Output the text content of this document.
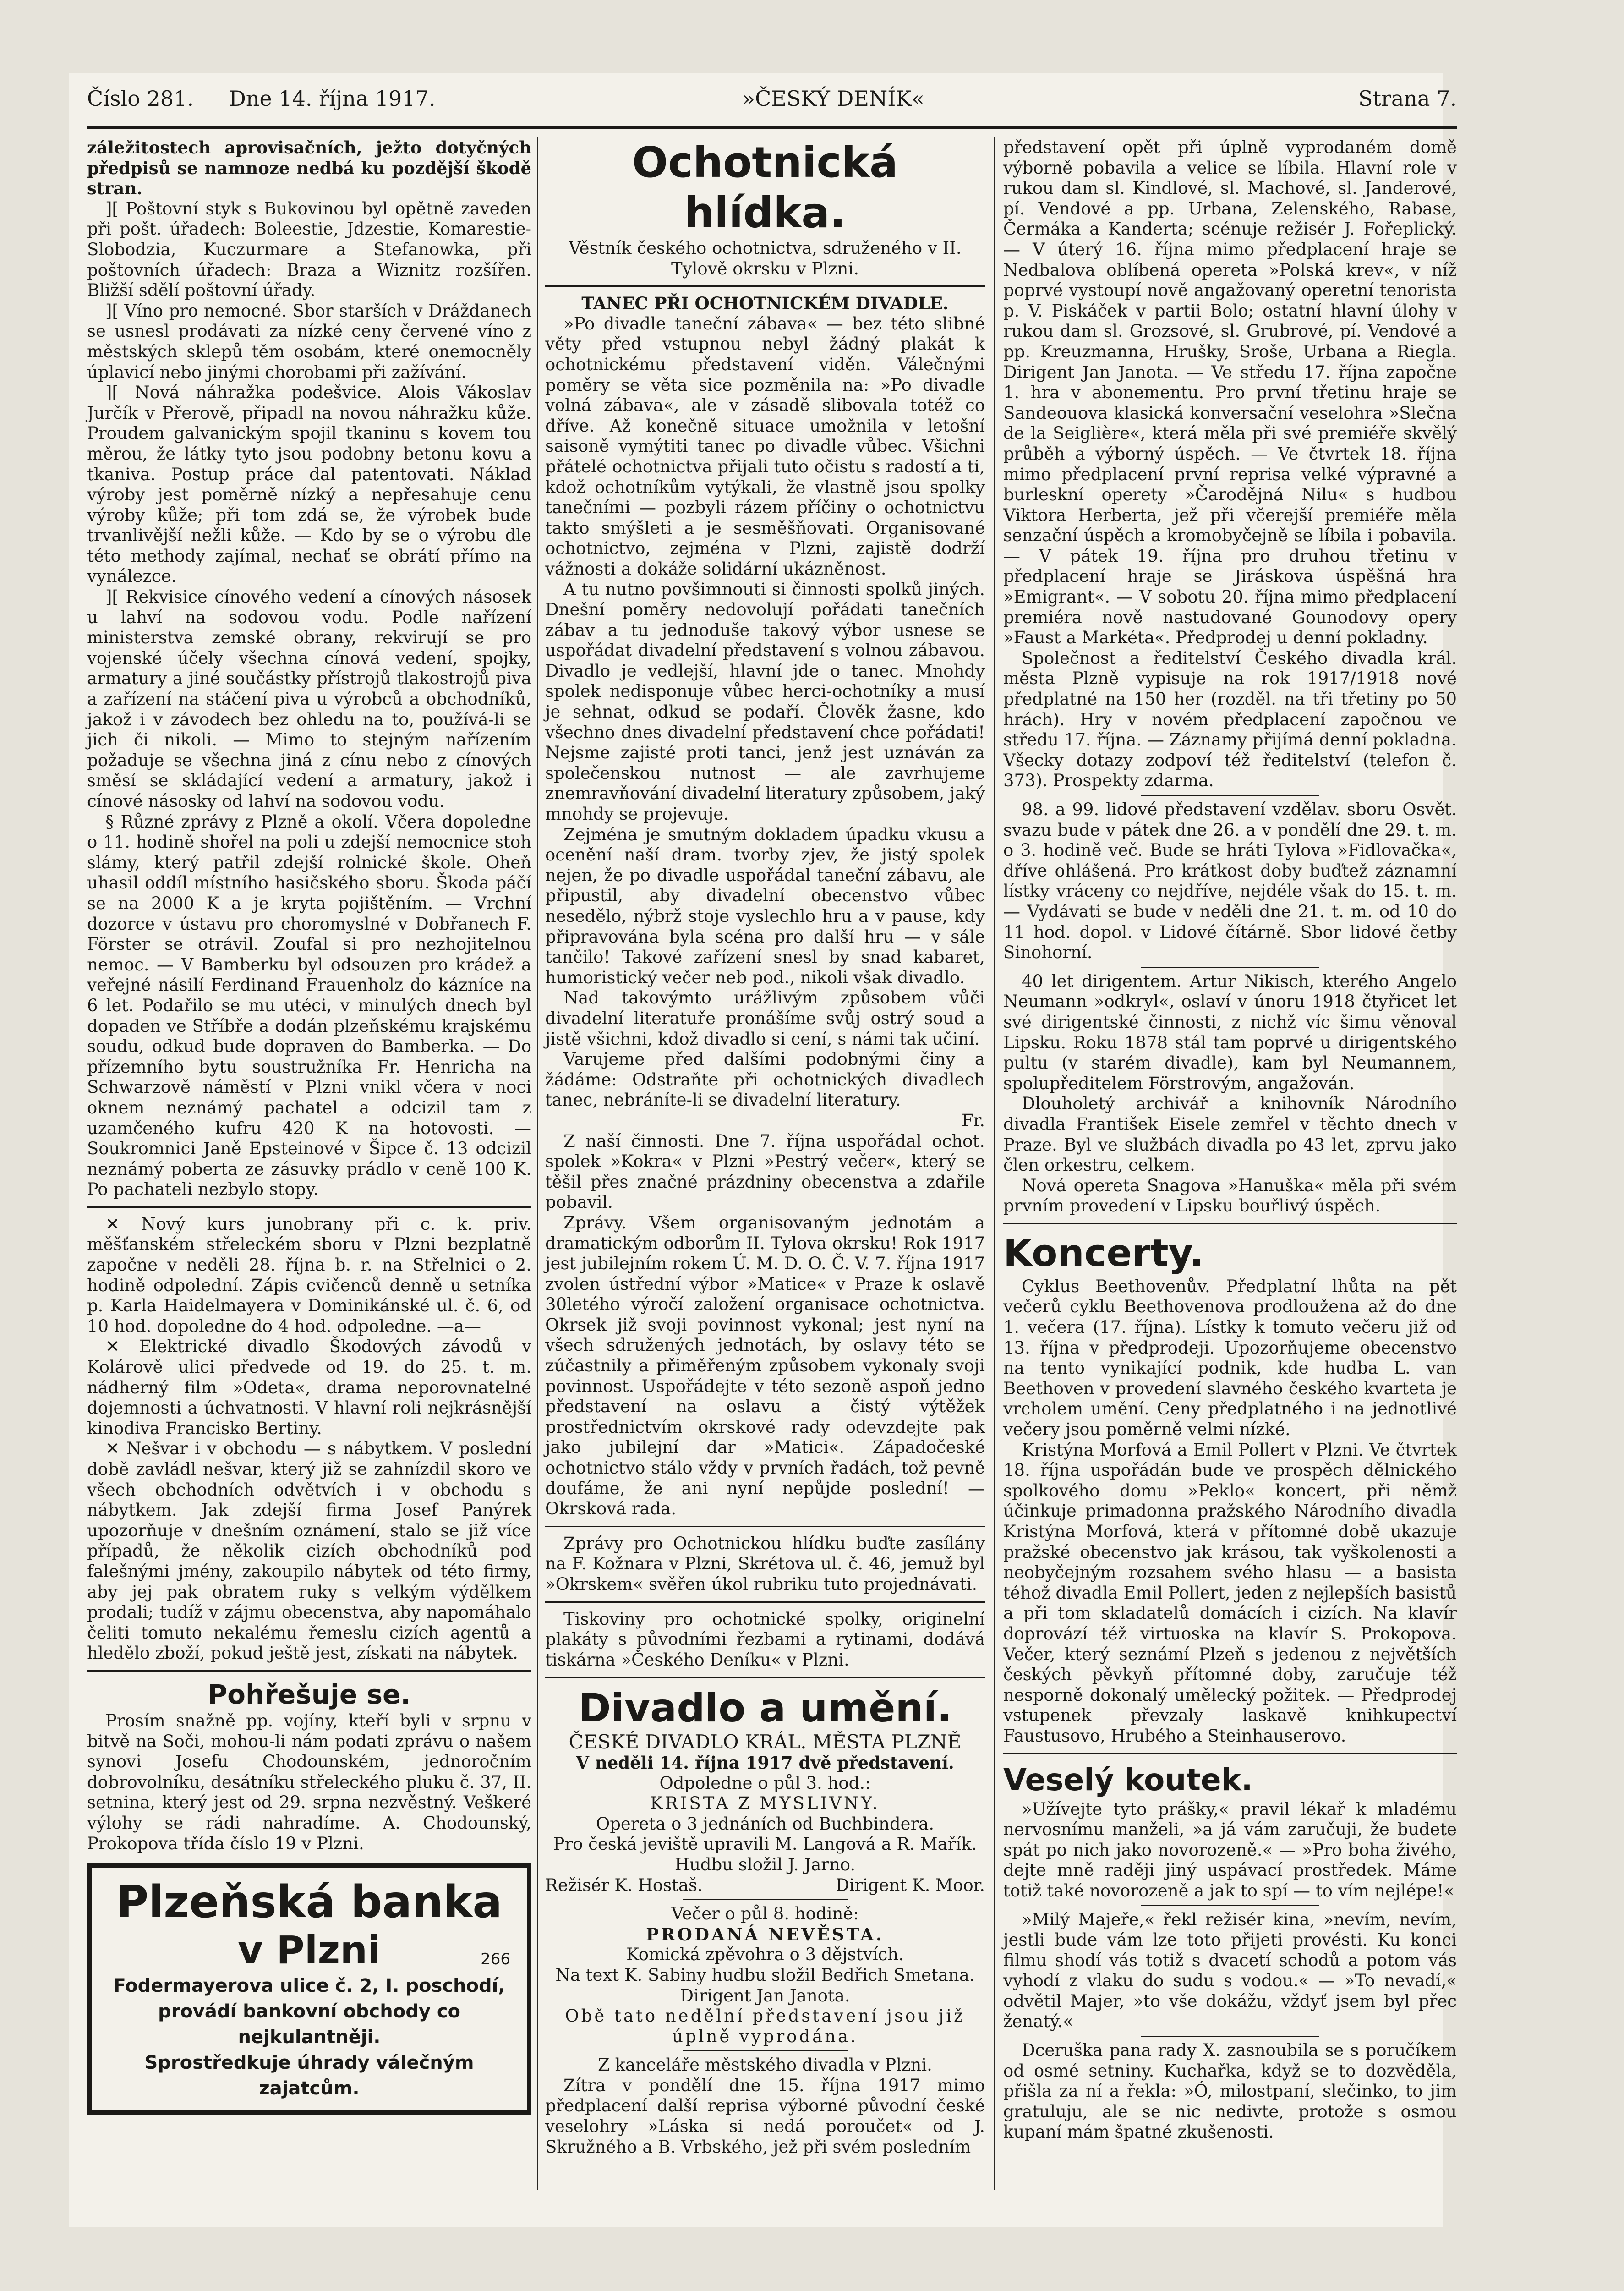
Číslo 281. Dne 14. října 1917.	»ČESKÝ DENÍK«	Strana 7.

záležitostech aprovisačních, ježto dotyčných předpisů se namnoze nedbá ku pozdější škodě stran.

][ Poštovní styk s Bukovinou byl opětně zaveden při pošt. úřadech: Boleestie, Jdzestie, Komarestie-Slobodzia, Kuczurmare a Stefanowka, při poštovních úřadech: Braza a Wiznitz rozšířen. Bližší sdělí poštovní úřady.

][ Víno pro nemocné. Sbor starších v Dráždanech se usnesl prodávati za nízké ceny červené víno z městských sklepů těm osobám, které onemocněly úplavicí nebo jinými chorobami při zažívání.

][ Nová náhražka podešvice. Alois Vákoslav Jurčík v Přerově, připadl na novou náhražku kůže. Proudem galvanickým spojil tkaninu s kovem tou měrou, že látky tyto jsou podobny betonu kovu a tkaniva. Postup práce dal patentovati. Náklad výroby jest poměrně nízký a nepřesahuje cenu výroby kůže; při tom zdá se, že výrobek bude trvanlivější nežli kůže. — Kdo by se o výrobu dle této methody zajímal, nechať se obrátí přímo na vynálezce.

][ Rekvisice cínového vedení a cínových násosek u lahví na sodovou vodu. Podle nařízení ministerstva zemské obrany, rekvirují se pro vojenské účely všechna cínová vedení, spojky, armatury a jiné součástky přístrojů tlakostrojů piva a zařízení na stáčení piva u výrobců a obchodníků, jakož i v závodech bez ohledu na to, používá-li se jich či nikoli. — Mimo to stejným nařízením požaduje se všechna jiná z cínu nebo z cínových směsí se skládající vedení a armatury, jakož i cínové násosky od lahví na sodovou vodu.

§ Různé zprávy z Plzně a okolí. Včera dopoledne o 11. hodině shořel na poli u zdejší nemocnice stoh slámy, který patřil zdejší rolnické škole. Oheň uhasil oddíl místního hasičského sboru. Škoda páčí se na 2000 K a je kryta pojištěním. — Vrchní dozorce v ústavu pro choromyslné v Dobřanech F. Förster se otrávil. Zoufal si pro nezhojitelnou nemoc. — V Bamberku byl odsouzen pro krádež a veřejné násilí Ferdinand Frauenholz do kázníce na 6 let. Podařilo se mu utéci, v minulých dnech byl dopaden ve Stříbře a dodán plzeňskému krajskému soudu, odkud bude dopraven do Bamberka. — Do přízemního bytu soustružníka Fr. Henricha na Schwarzově náměstí v Plzni vnikl včera v noci oknem neznámý pachatel a odcizil tam z uzamčeného kufru 420 K na hotovosti. — Soukromnici Janě Epsteinové v Šipce č. 13 odcizil neznámý poberta ze zásuvky prádlo v ceně 100 K. Po pachateli nezbylo stopy.

✕ Nový kurs junobrany při c. k. priv. měšťanském střeleckém sboru v Plzni bezplatně započne v neděli 28. října b. r. na Střelnici o 2. hodině odpolední. Zápis cvičenců denně u setníka p. Karla Haidelmayera v Dominikánské ul. č. 6, od 10 hod. dopoledne do 4 hod. odpoledne. —a—

✕ Elektrické divadlo Škodových závodů v Kolárově ulici předvede od 19. do 25. t. m. nádherný film »Odeta«, drama neporovnatelné dojemnosti a úchvatnosti. V hlavní roli nejkrásnější kinodiva Francisko Bertiny.

✕ Nešvar i v obchodu — s nábytkem. V poslední době zavládl nešvar, který již se zahnízdil skoro ve všech obchodních odvětvích i v obchodu s nábytkem. Jak zdejší firma Josef Panýrek upozorňuje v dnešním oznámení, stalo se již více případů, že několik cizích obchodníků pod falešnými jmény, zakoupilo nábytek od této firmy, aby jej pak obratem ruky s velkým výdělkem prodali; tudíž v zájmu obecenstva, aby napomáhalo čeliti tomuto nekalému řemeslu cizích agentů a hledělo zboží, pokud ještě jest, získati na nábytek.

Pohřešuje se.

Prosím snažně pp. vojíny, kteří byli v srpnu v bitvě na Soči, mohou-li nám podati zprávu o našem synovi Josefu Chodounském, jednoročním dobrovolníku, desátníku střeleckého pluku č. 37, II. setnina, který jest od 29. srpna nezvěstný. Veškeré výlohy se rádi nahradíme. A. Chodounský, Prokopova třída číslo 19 v Plzni.

Plzeňská banka
v Plzni	266
Fodermayerova ulice č. 2, I. poschodí,
provádí bankovní obchody co nejkulantněji.
Sprostředkuje úhrady válečným zajatcům.
Ochotnická hlídka.

Věstník českého ochotnictva, sdruženého v II. Tylově okrsku v Plzni.

TANEC PŘI OCHOTNICKÉM DIVADLE.

»Po divadle taneční zábava« — bez této slibné věty před vstupnou nebyl žádný plakát k ochotnickému představení viděn. Válečnými poměry se věta sice pozměnila na: »Po divadle volná zábava«, ale v zásadě slibovala totéž co dříve. Až konečně situace umožnila v letošní saisoně vymýtiti tanec po divadle vůbec. Všichni přátelé ochotnictva přijali tuto očistu s radostí a ti, kdož ochotníkům vytýkali, že vlastně jsou spolky tanečními — pozbyli rázem příčiny o ochotnictvu takto smýšleti a je sesměšňovati. Organisované ochotnictvo, zejména v Plzni, zajistě dodrží vážnosti a dokáže solidární ukázněnost.

A tu nutno povšimnouti si činnosti spolků jiných. Dnešní poměry nedovolují pořádati tanečních zábav a tu jednoduše takový výbor usnese se uspořádat divadelní představení s volnou zábavou. Divadlo je vedlejší, hlavní jde o tanec. Mnohdy spolek nedisponuje vůbec herci-ochotníky a musí je sehnat, odkud se podaří. Člověk žasne, kdo všechno dnes divadelní představení chce pořádati! Nejsme zajisté proti tanci, jenž jest uznáván za společenskou nutnost — ale zavrhujeme znemravňování divadelní literatury způsobem, jaký mnohdy se projevuje.

Zejména je smutným dokladem úpadku vkusu a ocenění naší dram. tvorby zjev, že jistý spolek nejen, že po divadle uspořádal taneční zábavu, ale připustil, aby divadelní obecenstvo vůbec nesedělo, nýbrž stoje vyslechlo hru a v pause, kdy připravována byla scéna pro další hru — v sále tančilo! Takové zařízení snesl by snad kabaret, humoristický večer neb pod., nikoli však divadlo.

Nad takovýmto urážlivým způsobem vůči divadelní literatuře pronášíme svůj ostrý soud a jistě všichni, kdož divadlo si cení, s námi tak učiní.

Varujeme před dalšími podobnými činy a žádáme: Odstraňte při ochotnických divadlech tanec, nebráníte-li se divadelní literatury.

Fr.

Z naší činnosti. Dne 7. října uspořádal ochot. spolek »Kokra« v Plzni »Pestrý večer«, který se těšil přes značné prázdniny obecenstva a zdařile pobavil.

Zprávy. Všem organisovaným jednotám a dramatickým odborům II. Tylova okrsku! Rok 1917 jest jubilejním rokem Ú. M. D. O. Č. V. 7. října 1917 zvolen ústřední výbor »Matice« v Praze k oslavě 30letého výročí založení organisace ochotnictva. Okrsek již svoji povinnost vykonal; jest nyní na všech sdružených jednotách, by oslavy této se zúčastnily a přiměřeným způsobem vykonaly svoji povinnost. Uspořádejte v této sezoně aspoň jedno představení na oslavu a čistý výtěžek prostřednictvím okrskové rady odevzdejte pak jako jubilejní dar »Matici«. Západočeské ochotnictvo stálo vždy v prvních řadách, tož pevně doufáme, že ani nyní nepůjde poslední! — Okrsková rada.

Zprávy pro Ochotnickou hlídku buďte zasílány na F. Kožnara v Plzni, Skrétova ul. č. 46, jemuž byl »Okrskem« svěřen úkol rubriku tuto projednávati.

Tiskoviny pro ochotnické spolky, originelní plakáty s původními řezbami a rytinami, dodává tiskárna »Českého Deníku« v Plzni.

Divadlo a umění.

ČESKÉ DIVADLO KRÁL. MĚSTA PLZNĚ

V neděli 14. října 1917 dvě představení.

Odpoledne o půl 3. hod.:

KRISTA Z MYSLIVNY.

Opereta o 3 jednáních od Buchbindera.

Pro česká jeviště upravili M. Langová a R. Mařík.

Hudbu složil J. Jarno.

Režisér K. Hostaš.	Dirigent K. Moor.

Večer o půl 8. hodině:

PRODANÁ NEVĚSTA.

Komická zpěvohra o 3 dějstvích.

Na text K. Sabiny hudbu složil Bedřich Smetana.

Dirigent Jan Janota.

Obě tato nedělní představení jsou již úplně vyprodána.

Z kanceláře městského divadla v Plzni.

Zítra v pondělí dne 15. října 1917 mimo předplacení další reprisa výborné původní české veselohry »Láska si nedá poroučet« od J. Skružného a B. Vrbského, jež při svém posledním

představení opět při úplně vyprodaném domě výborně pobavila a velice se líbila. Hlavní role v rukou dam sl. Kindlové, sl. Machové, sl. Janderové, pí. Vendové a pp. Urbana, Zelenského, Rabase, Čermáka a Kanderta; scénuje režisér J. Fořeplický. — V úterý 16. října mimo předplacení hraje se Nedbalova oblíbená opereta »Polská krev«, v níž poprvé vystoupí nově angažovaný operetní tenorista p. V. Piskáček v partii Bolo; ostatní hlavní úlohy v rukou dam sl. Grozsové, sl. Grubrové, pí. Vendové a pp. Kreuzmanna, Hrušky, Sroše, Urbana a Riegla. Dirigent Jan Janota. — Ve středu 17. října započne 1. hra v abonementu. Pro první třetinu hraje se Sandeouova klasická konversační veselohra »Slečna de la Seiglière«, která měla při své premiéře skvělý průběh a výborný úspěch. — Ve čtvrtek 18. října mimo předplacení první reprisa velké výpravné a burleskní operety »Čarodějná Nilu« s hudbou Viktora Herberta, jež při včerejší premiéře měla senzační úspěch a kromobyčejně se líbila i pobavila. — V pátek 19. října pro druhou třetinu v předplacení hraje se Jiráskova úspěšná hra »Emigrant«. — V sobotu 20. října mimo předplacení premiéra nově nastudované Gounodovy opery »Faust a Markéta«. Předprodej u denní pokladny.

Společnost a ředitelství Českého divadla král. města Plzně vypisuje na rok 1917/1918 nové předplatné na 150 her (rozděl. na tři třetiny po 50 hrách). Hry v novém předplacení započnou ve středu 17. října. — Záznamy přijímá denní pokladna. Všecky dotazy zodpoví též ředitelství (telefon č. 373). Prospekty zdarma.

98. a 99. lidové představení vzdělav. sboru Osvět. svazu bude v pátek dne 26. a v pondělí dne 29. t. m. o 3. hodině več. Bude se hráti Tylova »Fidlovačka«, dříve ohlášená. Pro krátkost doby buďtež záznamní lístky vráceny co nejdříve, nejdéle však do 15. t. m. — Vydávati se bude v neděli dne 21. t. m. od 10 do 11 hod. dopol. v Lidové čítárně. Sbor lidové četby Sinohorní.

40 let dirigentem. Artur Nikisch, kterého Angelo Neumann »odkryl«, oslaví v únoru 1918 čtyřicet let své dirigentské činnosti, z nichž víc šimu věnoval Lipsku. Roku 1878 stál tam poprvé u dirigentského pultu (v starém divadle), kam byl Neumannem, spolupředitelem Förstrovým, angažován.

Dlouholetý archivář a knihovník Národního divadla František Eisele zemřel v těchto dnech v Praze. Byl ve službách divadla po 43 let, zprvu jako člen orkestru, celkem.

Nová opereta Snagova »Hanuška« měla při svém prvním provedení v Lipsku bouřlivý úspěch.

Koncerty.

Cyklus Beethovenův. Předplatní lhůta na pět večerů cyklu Beethovenova prodloužena až do dne 1. večera (17. října). Lístky k tomuto večeru již od 13. října v předprodeji. Upozorňujeme obecenstvo na tento vynikající podnik, kde hudba L. van Beethoven v provedení slavného českého kvarteta je vrcholem umění. Ceny předplatného i na jednotlivé večery jsou poměrně velmi nízké.

Kristýna Morfová a Emil Pollert v Plzni. Ve čtvrtek 18. října uspořádán bude ve prospěch dělnického spolkového domu »Peklo« koncert, při němž účinkuje primadonna pražského Národního divadla Kristýna Morfová, která v přítomné době ukazuje pražské obecenstvo jak krásou, tak vyškolenosti a neobyčejným rozsahem svého hlasu — a basista téhož divadla Emil Pollert, jeden z nejlepších basistů a při tom skladatelů domácích i cizích. Na klavír doprovází též virtuoska na klavír S. Prokopova. Večer, který seznámí Plzeň s jedenou z největších českých pěvkyň přítomné doby, zaručuje též nesporně dokonalý umělecký požitek. — Předprodej vstupenek převzaly laskavě knihkupectví Faustusovo, Hrubého a Steinhauserovo.

Veselý koutek.

»Užívejte tyto prášky,« pravil lékař k mladému nervosnímu manželi, »a já vám zaručuji, že budete spát po nich jako novorozeně.« — »Pro boha živého, dejte mně raději jiný uspávací prostředek. Máme totiž také novorozeně a jak to spí — to vím nejlépe!«

»Milý Majeře,« řekl režisér kina, »nevím, nevím, jestli bude vám lze toto přijeti provésti. Ku konci filmu shodí vás totiž s dvacetí schodů a potom vás vyhodí z vlaku do sudu s vodou.« — »To nevadí,« odvětil Majer, »to vše dokážu, vždyť jsem byl přec ženatý.«

Dceruška pana rady X. zasnoubila se s poručíkem od osmé setniny. Kuchařka, když se to dozvěděla, přišla za ní a řekla: »Ó, milostpaní, slečinko, to jim gratuluju, ale se nic nedivte, protože s osmou kupaní mám špatné zkušenosti.
